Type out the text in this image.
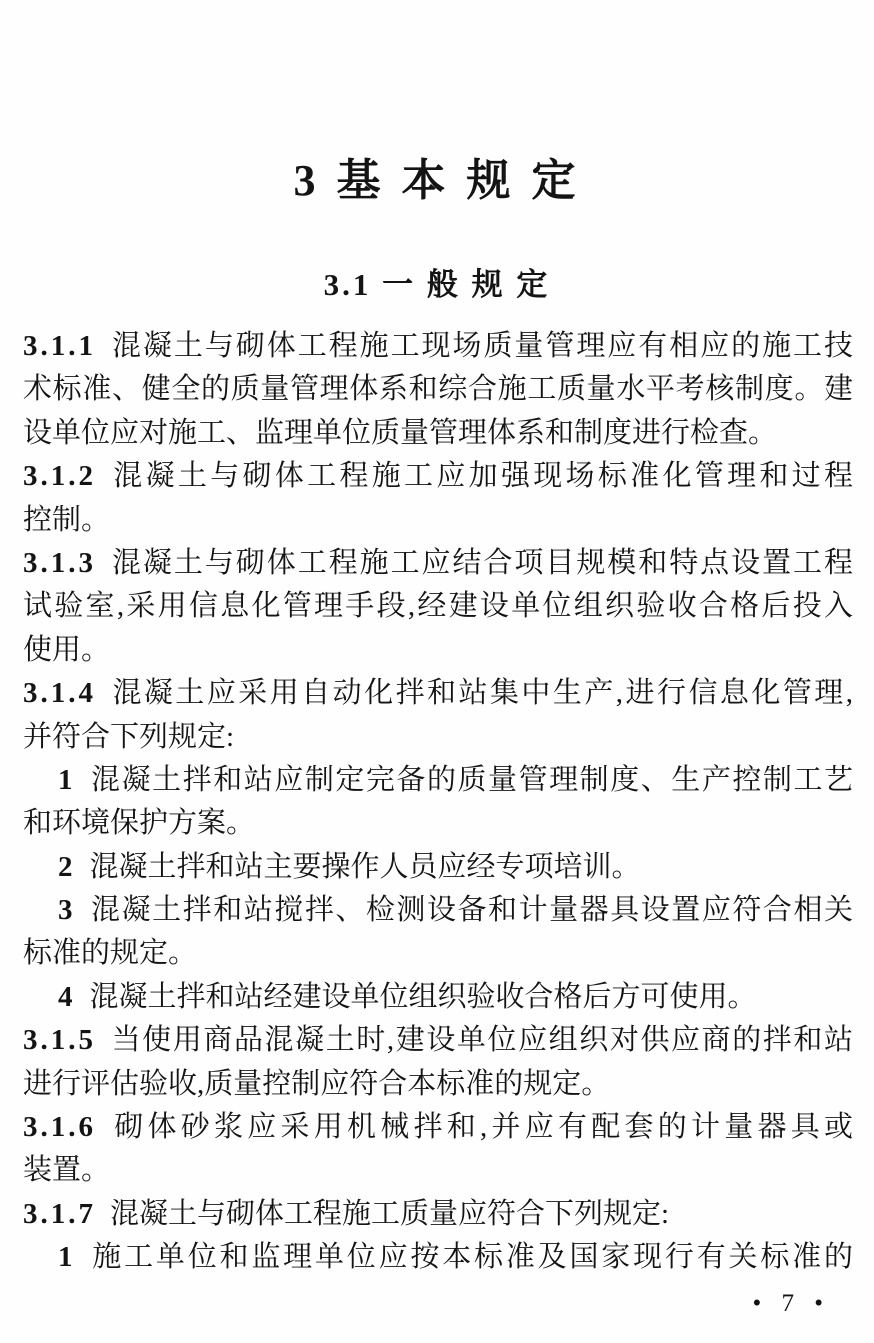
3 基 本 规 定
3.1 一 般 规 定
3.1.1 混凝土与砌体工程施工现场质量管理应有相应的施工技
术标准、健全的质量管理体系和综合施工质量水平考核制度。建
设单位应对施工、监理单位质量管理体系和制度进行检查。
3.1.2 混凝土与砌体工程施工应加强现场标准化管理和过程
控制。
3.1.3 混凝土与砌体工程施工应结合项目规模和特点设置工程
试验室,采用信息化管理手段,经建设单位组织验收合格后投入
使用。
3.1.4 混凝土应采用自动化拌和站集中生产,进行信息化管理,
并符合下列规定:
1 混凝土拌和站应制定完备的质量管理制度、生产控制工艺
和环境保护方案。
2 混凝土拌和站主要操作人员应经专项培训。
3 混凝土拌和站搅拌、检测设备和计量器具设置应符合相关
标准的规定。
4 混凝土拌和站经建设单位组织验收合格后方可使用。
3.1.5 当使用商品混凝土时,建设单位应组织对供应商的拌和站
进行评估验收,质量控制应符合本标准的规定。
3.1.6 砌体砂浆应采用机械拌和,并应有配套的计量器具或
装置。
3.1.7 混凝土与砌体工程施工质量应符合下列规定:
1 施工单位和监理单位应按本标准及国家现行有关标准的
• 7 •
